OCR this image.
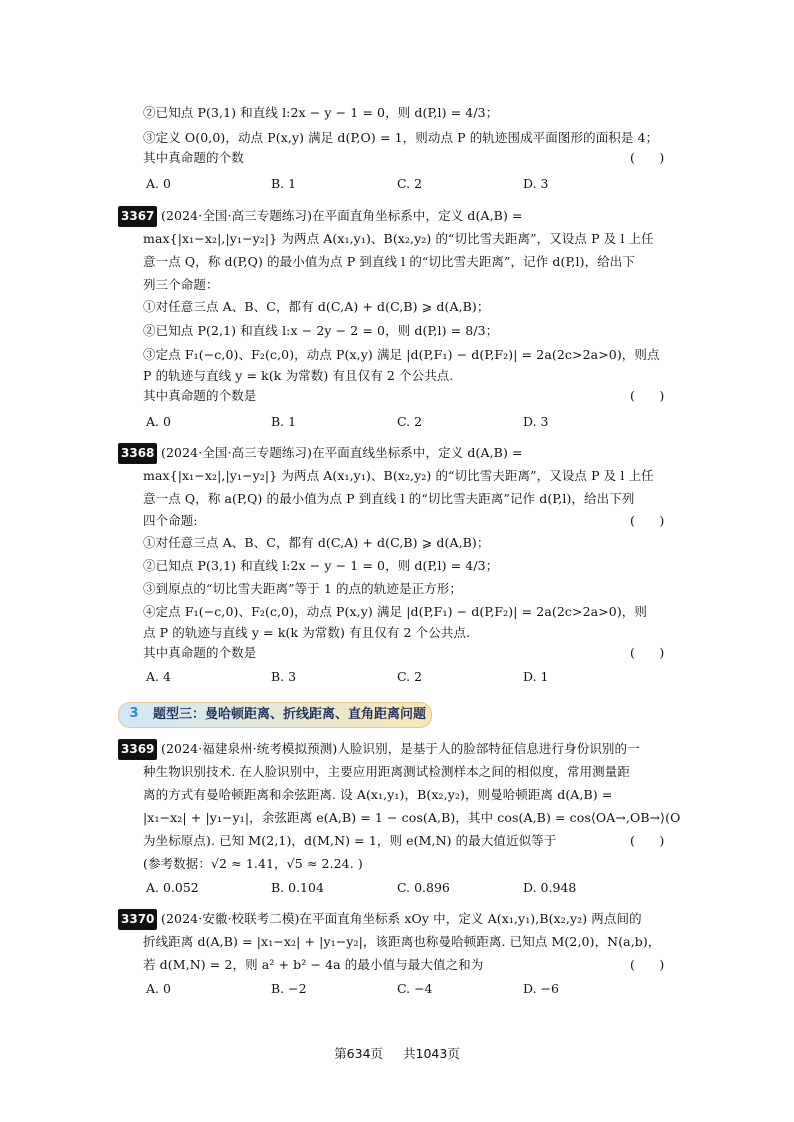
②已知点 P(3,1) 和直线 l:2x − y − 1 = 0，则 d(P,l) = 4/3；
③定义 O(0,0)，动点 P(x,y) 满足 d(P,O) = 1，则动点 P 的轨迹围成平面图形的面积是 4；
其中真命题的个数	(      )
A. 0	B. 1	C. 2	D. 3
3367 (2024·全国·高三专题练习)在平面直角坐标系中，定义 d(A,B) =
max{|x₁−x₂|,|y₁−y₂|} 为两点 A(x₁,y₁)、B(x₂,y₂) 的“切比雪夫距离”，又设点 P 及 l 上任
意一点 Q，称 d(P,Q) 的最小值为点 P 到直线 l 的“切比雪夫距离”，记作 d(P,l)，给出下
列三个命题：
①对任意三点 A、B、C，都有 d(C,A) + d(C,B) ⩾ d(A,B)；
②已知点 P(2,1) 和直线 l:x − 2y − 2 = 0，则 d(P,l) = 8/3；
③定点 F₁(−c,0)、F₂(c,0)，动点 P(x,y) 满足 |d(P,F₁) − d(P,F₂)| = 2a(2c>2a>0)，则点
P 的轨迹与直线 y = k(k 为常数) 有且仅有 2 个公共点.
其中真命题的个数是	(      )
A. 0	B. 1	C. 2	D. 3
3368 (2024·全国·高三专题练习)在平面直线坐标系中，定义 d(A,B) =
max{|x₁−x₂|,|y₁−y₂|} 为两点 A(x₁,y₁)、B(x₂,y₂) 的“切比雪夫距离”，又设点 P 及 l 上任
意一点 Q，称 a(P,Q) 的最小值为点 P 到直线 l 的“切比雪夫距离”记作 d(P,l)，给出下列
四个命题:	(      )
①对任意三点 A、B、C，都有 d(C,A) + d(C,B) ⩾ d(A,B)；
②已知点 P(3,1) 和直线 l:2x − y − 1 = 0，则 d(P,l) = 4/3；
③到原点的“切比雪夫距离”等于 1 的点的轨迹是正方形；
④定点 F₁(−c,0)、F₂(c,0)，动点 P(x,y) 满足 |d(P,F₁) − d(P,F₂)| = 2a(2c>2a>0)，则
点 P 的轨迹与直线 y = k(k 为常数) 有且仅有 2 个公共点.
其中真命题的个数是	(      )
A. 4	B. 3	C. 2	D. 1
3	题型三：曼哈顿距离、折线距离、直角距离问题
3369 (2024·福建泉州·统考模拟预测)人脸识别，是基于人的脸部特征信息进行身份识别的一
种生物识别技术. 在人脸识别中，主要应用距离测试检测样本之间的相似度，常用测量距
离的方式有曼哈顿距离和余弦距离. 设 A(x₁,y₁)，B(x₂,y₂)，则曼哈顿距离 d(A,B) =
|x₁−x₂| + |y₁−y₁|，余弦距离 e(A,B) = 1 − cos(A,B)，其中 cos(A,B) = cos⟨OA→,OB→⟩(O
为坐标原点). 已知 M(2,1)，d(M,N) = 1，则 e(M,N) 的最大值近似等于	(      )
(参考数据：√2 ≈ 1.41，√5 ≈ 2.24. )
A. 0.052	B. 0.104	C. 0.896	D. 0.948
3370 (2024·安徽·校联考二模)在平面直角坐标系 xOy 中，定义 A(x₁,y₁),B(x₂,y₂) 两点间的
折线距离 d(A,B) = |x₁−x₂| + |y₁−y₂|，该距离也称曼哈顿距离. 已知点 M(2,0)，N(a,b)，
若 d(M,N) = 2，则 a² + b² − 4a 的最小值与最大值之和为	(      )
A. 0	B. −2	C. −4	D. −6
第634页 共1043页
